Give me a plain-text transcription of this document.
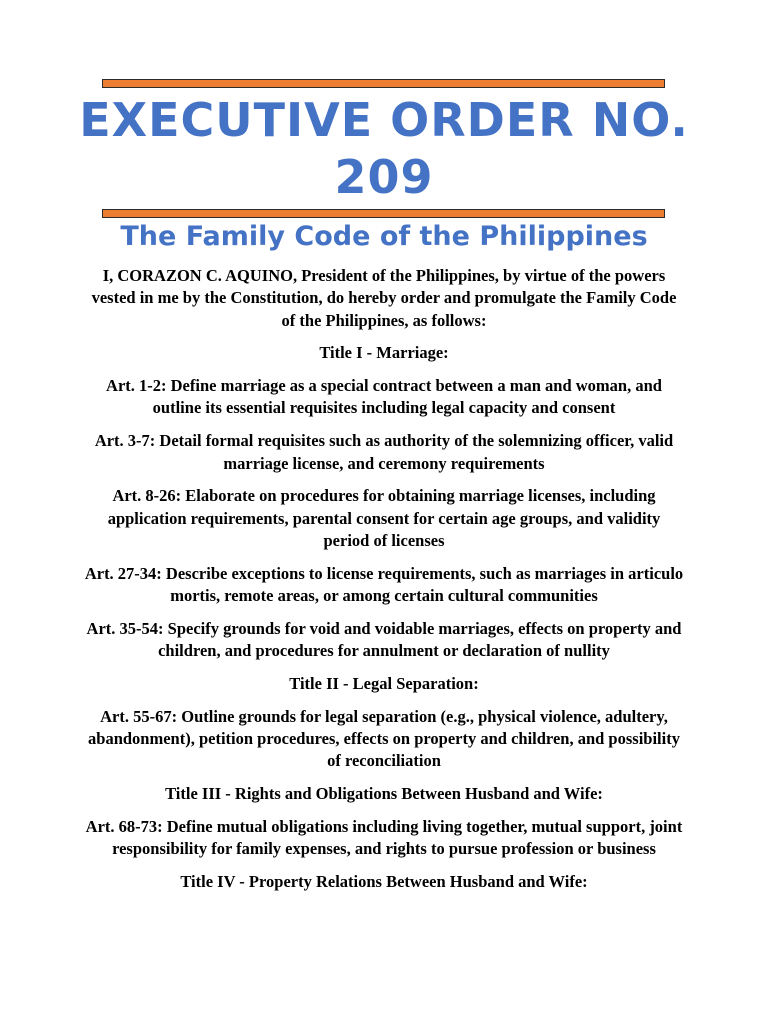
EXECUTIVE ORDER NO. 209
The Family Code of the Philippines

I, CORAZON C. AQUINO, President of the Philippines, by virtue of the powers vested in me by the Constitution, do hereby order and promulgate the Family Code of the Philippines, as follows:

Title I - Marriage:

Art. 1-2: Define marriage as a special contract between a man and woman, and outline its essential requisites including legal capacity and consent

Art. 3-7: Detail formal requisites such as authority of the solemnizing officer, valid marriage license, and ceremony requirements

Art. 8-26: Elaborate on procedures for obtaining marriage licenses, including application requirements, parental consent for certain age groups, and validity period of licenses

Art. 27-34: Describe exceptions to license requirements, such as marriages in articulo mortis, remote areas, or among certain cultural communities

Art. 35-54: Specify grounds for void and voidable marriages, effects on property and children, and procedures for annulment or declaration of nullity

Title II - Legal Separation:

Art. 55-67: Outline grounds for legal separation (e.g., physical violence, adultery, abandonment), petition procedures, effects on property and children, and possibility of reconciliation

Title III - Rights and Obligations Between Husband and Wife:

Art. 68-73: Define mutual obligations including living together, mutual support, joint responsibility for family expenses, and rights to pursue profession or business

Title IV - Property Relations Between Husband and Wife:
